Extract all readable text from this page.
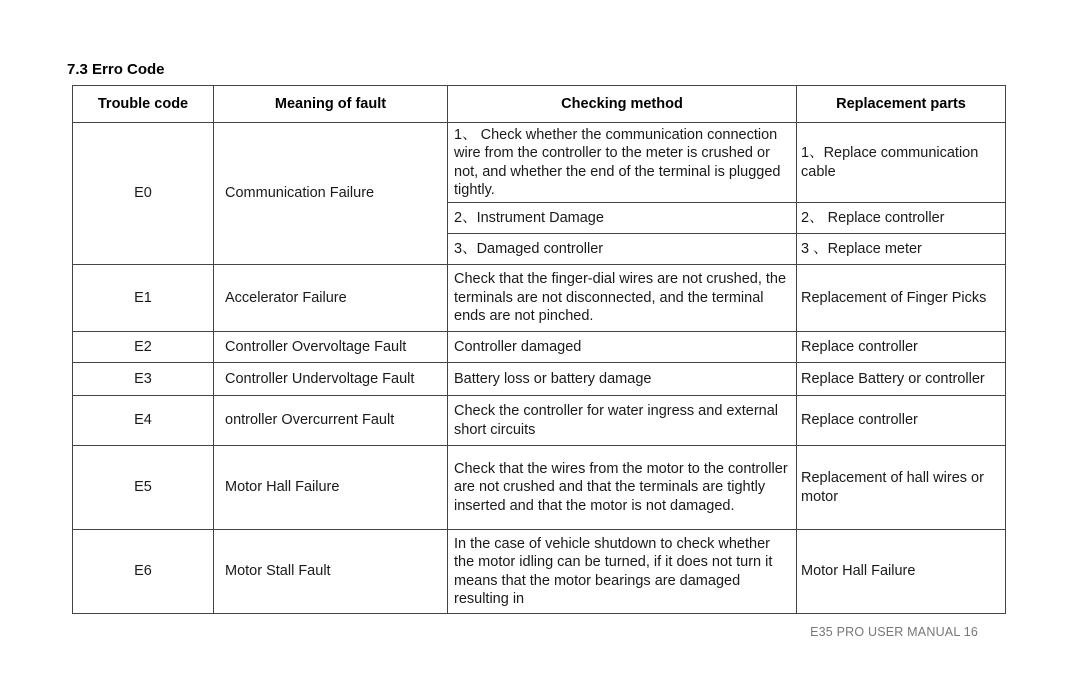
7.3 Erro Code
Trouble code	Meaning of fault	Checking method	Replacement parts
E0	Communication Failure	1、 Check whether the communication connection wire from the controller to the meter is crushed or not, and whether the end of the terminal is plugged tightly.	1、Replace communication cable
		2、Instrument Damage	2、 Replace controller
		3、Damaged controller	3 、Replace meter
E1	Accelerator Failure	Check that the finger-dial wires are not crushed, the terminals are not disconnected, and the terminal ends are not pinched.	Replacement of Finger Picks
E2	Controller Overvoltage Fault	Controller damaged	Replace controller
E3	Controller Undervoltage Fault	Battery loss or battery damage	Replace Battery or controller
E4	ontroller Overcurrent Fault	Check the controller for water ingress and external short circuits	Replace controller
E5	Motor Hall Failure	Check that the wires from the motor to the controller are not crushed and that the terminals are tightly inserted and that the motor is not damaged.	Replacement of hall wires or motor
E6	Motor Stall Fault	In the case of vehicle shutdown to check whether the motor idling can be turned, if it does not turn it means that the motor bearings are damaged resulting in	Motor Hall Failure
E35 PRO USER MANUAL 16
